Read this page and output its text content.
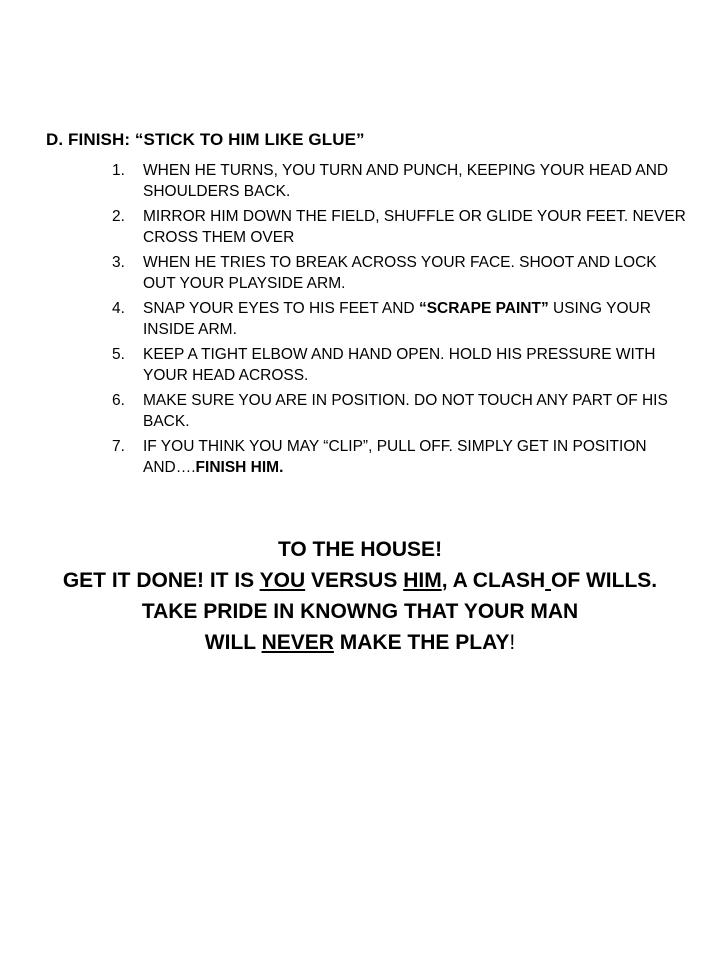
D. FINISH: “STICK TO HIM LIKE GLUE”
1. WHEN HE TURNS, YOU TURN AND PUNCH, KEEPING YOUR HEAD AND SHOULDERS BACK.
2. MIRROR HIM DOWN THE FIELD, SHUFFLE OR GLIDE YOUR FEET. NEVER CROSS THEM OVER
3. WHEN HE TRIES TO BREAK ACROSS YOUR FACE. SHOOT AND LOCK OUT YOUR PLAYSIDE ARM.
4. SNAP YOUR EYES TO HIS FEET AND “SCRAPE PAINT” USING YOUR INSIDE ARM.
5. KEEP A TIGHT ELBOW AND HAND OPEN. HOLD HIS PRESSURE WITH YOUR HEAD ACROSS.
6. MAKE SURE YOU ARE IN POSITION. DO NOT TOUCH ANY PART OF HIS BACK.
7. IF YOU THINK YOU MAY “CLIP”, PULL OFF. SIMPLY GET IN POSITION AND….FINISH HIM.
TO THE HOUSE!
GET IT DONE! IT IS YOU VERSUS HIM, A CLASH OF WILLS.
TAKE PRIDE IN KNOWNG THAT YOUR MAN
WILL NEVER MAKE THE PLAY!
